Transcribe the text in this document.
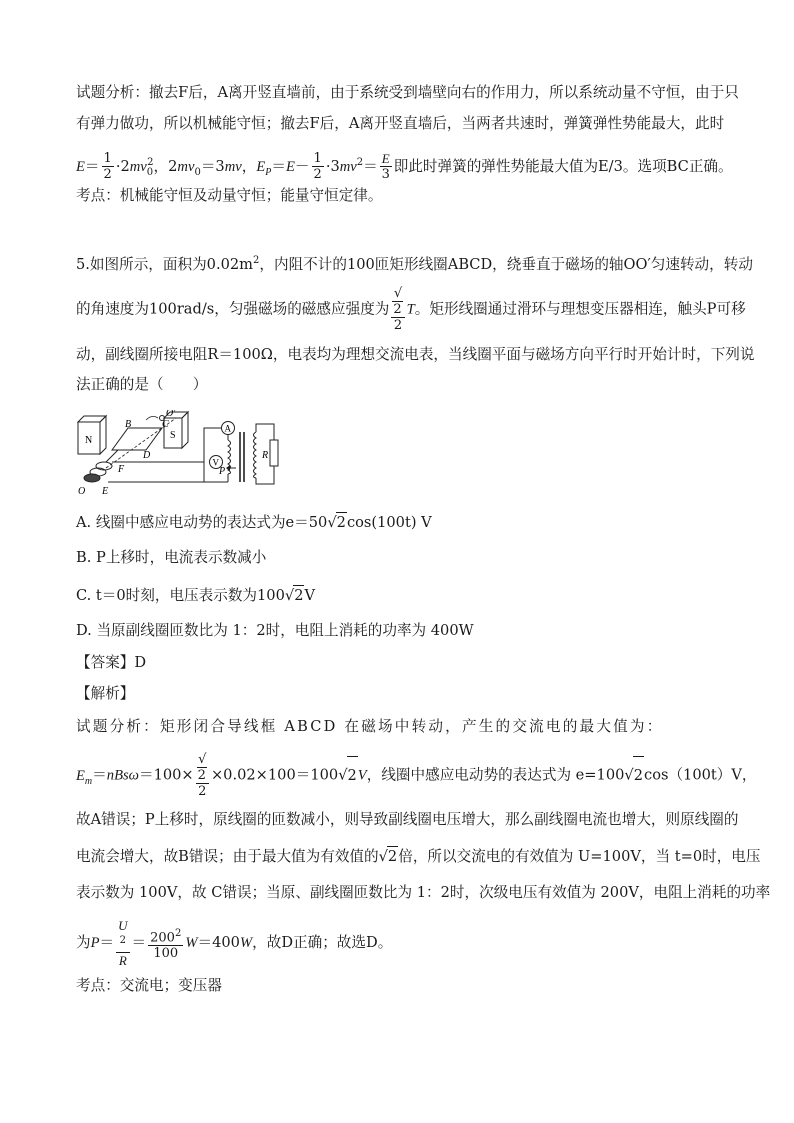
试题分析：撤去F后，A离开竖直墙前，由于系统受到墙壁向右的作用力，所以系统动量不守恒，由于只
有弹力做功，所以机械能守恒；撤去F后，A离开竖直墙后，当两者共速时，弹簧弹性势能最大，此时
$E= \frac{1}{2} \cdot 2mv_0^2$，$2mv_0=3mv$，$E_P=E- \frac{1}{2} \cdot 3mv^2= \frac{E}{3}$ 即此时弹簧的弹性势能最大值为E/3。选项BC正确。
考点：机械能守恒及动量守恒；能量守恒定律。
5.如图所示，面积为$0.02m^2$，内阻不计的100匝矩形线圈ABCD，绕垂直于磁场的轴OO′匀速转动，转动
的角速度为100rad/s，匀强磁场的磁感应强度为 √
2
2 T。矩形线圈通过滑环与理想变压器相连，触头P可移
动，副线圈所接电阻R＝100Ω，电表均为理想交流电表，当线圈平面与磁场方向平行时开始计时，下列说
法正确的是（　　）
N	S
B	C
D
O′
F
O E
A
V
P
R
A. 线圈中感应电动势的表达式为e＝50√2cos(100t) V
B. P上移时，电流表示数减小
C. t＝0时刻，电压表示数为100√2V
D. 当原副线圈匝数比为 1：2时，电阻上消耗的功率为 400W
【答案】D
【解析】
试题分析：矩形闭合导线框 ABCD 在磁场中转动，产生的交流电的最大值为：
$E_m=nBs\omega=100\times$ √
2
2 ×0.02×100＝100√2V，线圈中感应电动势的表达式为 e=100√2cos（100t）V，
故A错误；P上移时，原线圈的匝数减小，则导致副线圈电压增大，那么副线圈电流也增大，则原线圈的
电流会增大，故B错误；由于最大值为有效值的√2倍，所以交流电的有效值为 U=100V，当 t=0时，电压
表示数为 100V，故 C错误；当原、副线圈匝数比为 1：2时，次级电压有效值为 200V，电阻上消耗的功率
为P＝ U
$^2$
$R = \frac{200^2}{100} W=400W$，故D正确；故选D。
考点：交流电；变压器
